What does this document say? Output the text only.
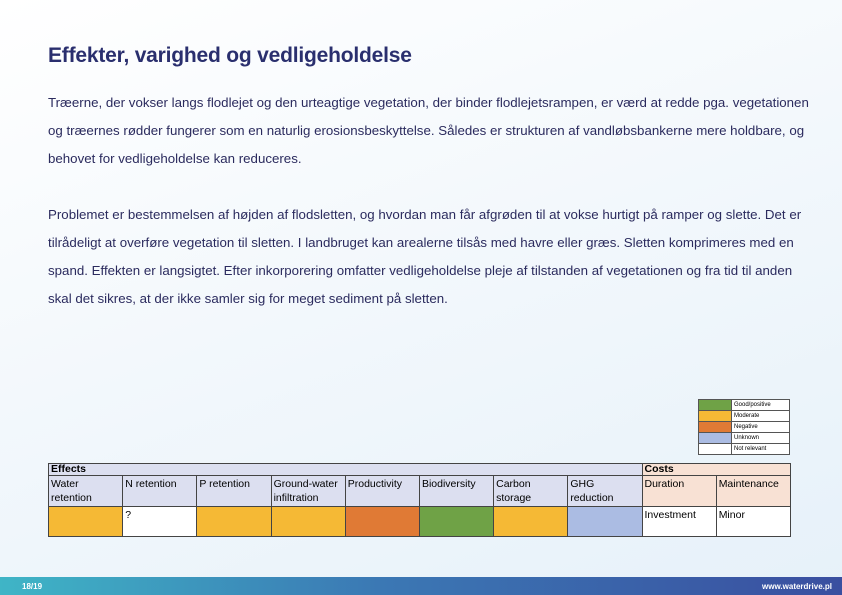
Effekter, varighed og vedligeholdelse

Træerne, der vokser langs flodlejet og den urteagtige vegetation, der binder flodlejetsrampen, er værd at redde pga. vegetationen og træernes rødder fungerer som en naturlig erosionsbeskyttelse. Således er strukturen af vandløbsbankerne mere holdbare, og behovet for vedligeholdelse kan reduceres.

Problemet er bestemmelsen af højden af flodsletten, og hvordan man får afgrøden til at vokse hurtigt på ramper og slette. Det er tilrådeligt at overføre vegetation til sletten. I landbruget kan arealerne tilsås med havre eller græs. Sletten komprimeres med en spand. Effekten er langsigtet. Efter inkorporering omfatter vedligeholdelse pleje af tilstanden af vegetationen og fra tid til anden skal det sikres, at der ikke samler sig for meget sediment på sletten.

	Good/positive
	Moderate
	Negative
	Unknown
	Not relevant
Effects								Costs	
Water retention	N retention	P retention	Ground-water infiltration	Productivity	Biodiversity	Carbon storage	GHG reduction	Duration	Maintenance
	?							Investment	Minor
18/19	www.waterdrive.pl
